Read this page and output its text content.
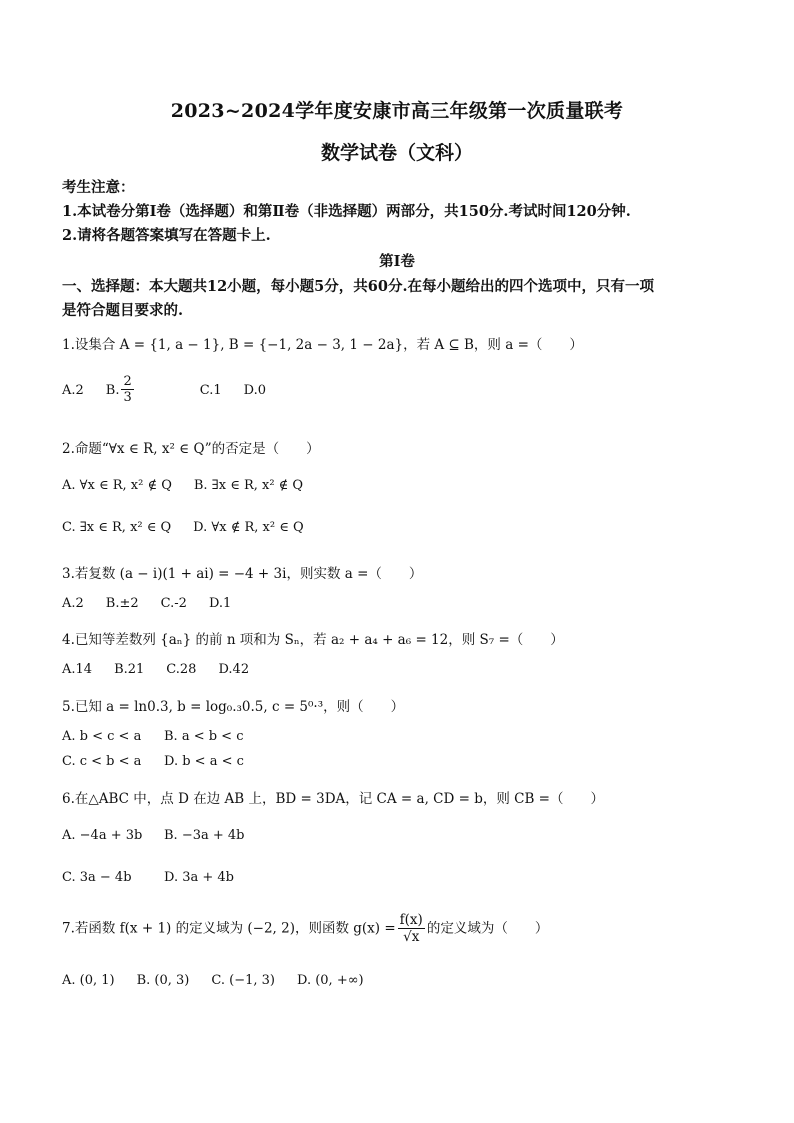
2023~2024学年度安康市高三年级第一次质量联考
数学试卷（文科）
考生注意：
1.本试卷分第Ⅰ卷（选择题）和第Ⅱ卷（非选择题）两部分，共150分.考试时间120分钟.
2.请将各题答案填写在答题卡上.
第Ⅰ卷
一、选择题：本大题共12小题，每小题5分，共60分.在每小题给出的四个选项中，只有一项
是符合题目要求的.
1.设集合 A = {1, a − 1}, B = {−1, 2a − 3, 1 − 2a}，若 A ⊆ B，则 a =（　　）
A.2 B. $\frac{2}{3}$	C.1 D.0
2.命题“∀x ∈ R, x² ∈ Q”的否定是（　　）
A. ∀x ∈ R, x² ∉ Q B. ∃x ∈ R, x² ∉ Q
C. ∃x ∈ R, x² ∈ Q D. ∀x ∉ R, x² ∈ Q
3.若复数 (a − i)(1 + ai) = −4 + 3i，则实数 a =（　　）
A.2 B.±2 C.-2 D.1
4.已知等差数列 {aₙ} 的前 n 项和为 Sₙ，若 a₂ + a₄ + a₆ = 12，则 S₇ =（　　）
A.14 B.21 C.28 D.42
5.已知 a = ln0.3, b = log₀.₃0.5, c = 5⁰·³，则（　　）
A. b < c < a B. a < b < c
C. c < b < a D. b < a < c
6.在△ABC 中，点 D 在边 AB 上，BD = 3DA，记 CA = a, CD = b，则 CB =（　　）
A. −4a + 3b B. −3a + 4b
C. 3a − 4b D. 3a + 4b
7.若函数 f(x + 1) 的定义域为 (−2, 2)，则函数 $g(x) = \frac{f(x)}{√x}$ 的定义域为（　　）
A. (0, 1) B. (0, 3) C. (−1, 3) D. (0, +∞)
